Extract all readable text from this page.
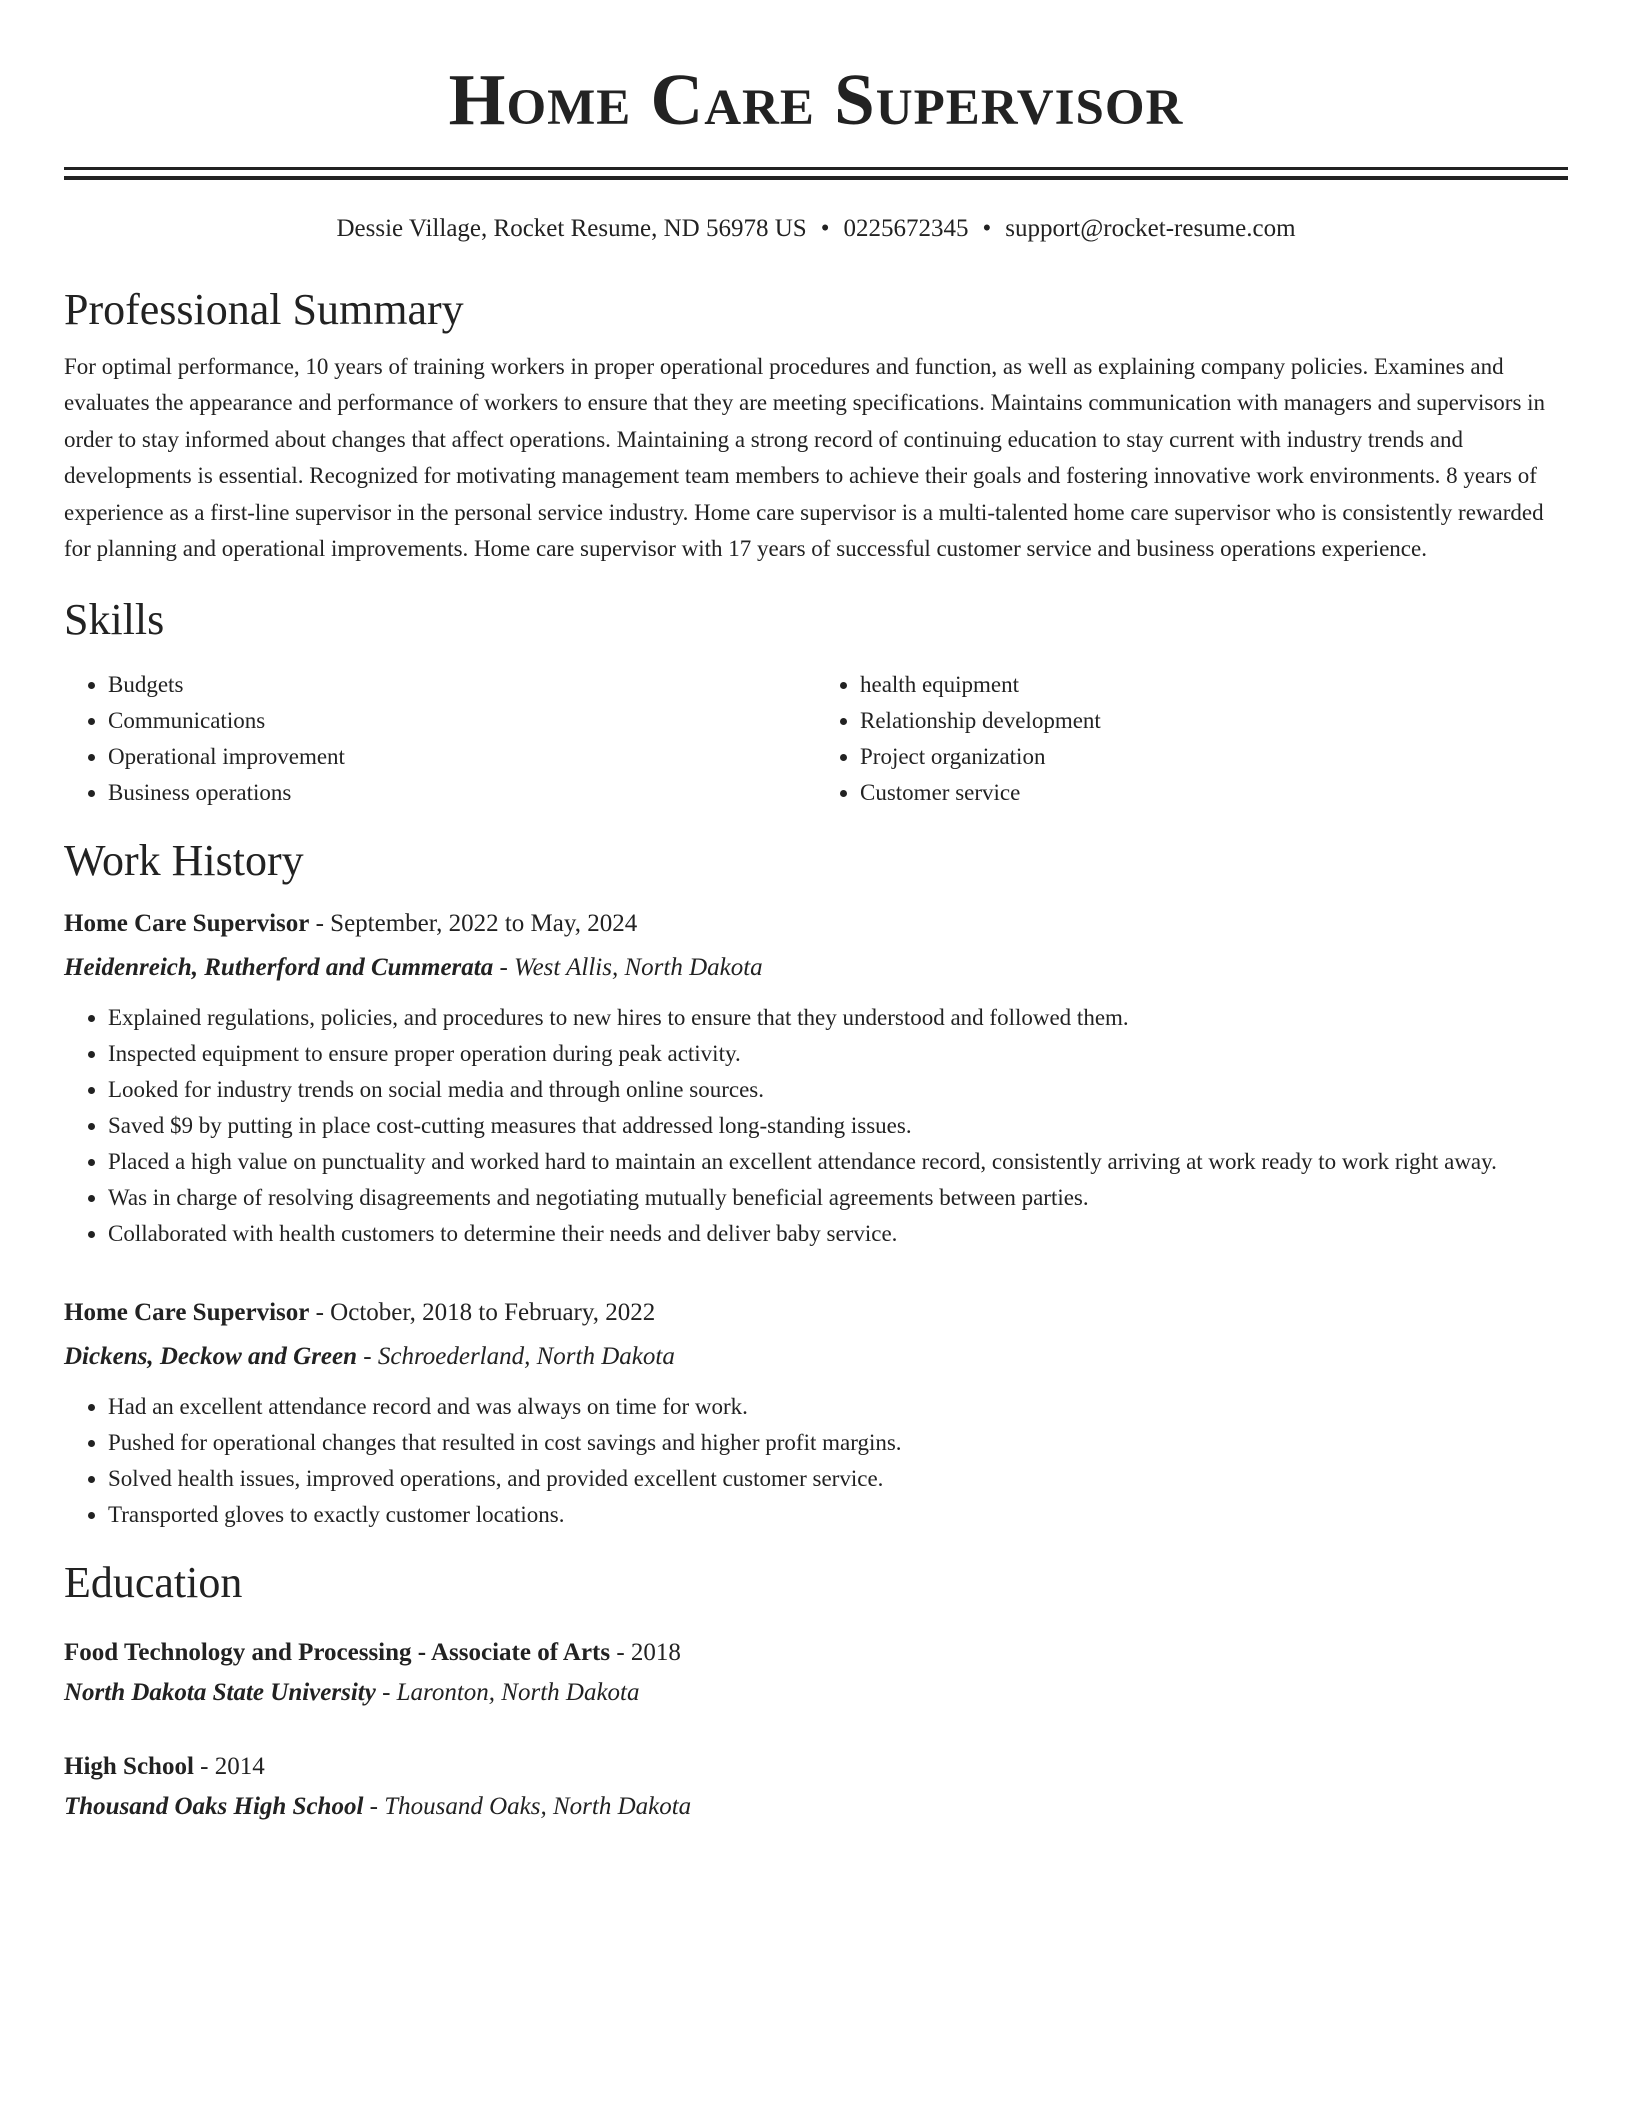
Home Care Supervisor
Dessie Village, Rocket Resume, ND 56978 US • 0225672345 • support@rocket-resume.com
Professional Summary

For optimal performance, 10 years of training workers in proper operational procedures and function, as well as explaining company policies. Examines and evaluates the appearance and performance of workers to ensure that they are meeting specifications. Maintains communication with managers and supervisors in order to stay informed about changes that affect operations. Maintaining a strong record of continuing education to stay current with industry trends and developments is essential. Recognized for motivating management team members to achieve their goals and fostering innovative work environments. 8 years of experience as a first-line supervisor in the personal service industry. Home care supervisor is a multi-talented home care supervisor who is consistently rewarded for planning and operational improvements. Home care supervisor with 17 years of successful customer service and business operations experience.

Skills
• Budgets
• Communications
• Operational improvement
• Business operations
• health equipment
• Relationship development
• Project organization
• Customer service
Work History
Home Care Supervisor - September, 2022 to May, 2024
Heidenreich, Rutherford and Cummerata - West Allis, North Dakota
• Explained regulations, policies, and procedures to new hires to ensure that they understood and followed them.
• Inspected equipment to ensure proper operation during peak activity.
• Looked for industry trends on social media and through online sources.
• Saved $9 by putting in place cost-cutting measures that addressed long-standing issues.
• Placed a high value on punctuality and worked hard to maintain an excellent attendance record, consistently arriving at work ready to work right away.
• Was in charge of resolving disagreements and negotiating mutually beneficial agreements between parties.
• Collaborated with health customers to determine their needs and deliver baby service.
Home Care Supervisor - October, 2018 to February, 2022
Dickens, Deckow and Green - Schroederland, North Dakota
• Had an excellent attendance record and was always on time for work.
• Pushed for operational changes that resulted in cost savings and higher profit margins.
• Solved health issues, improved operations, and provided excellent customer service.
• Transported gloves to exactly customer locations.
Education
Food Technology and Processing - Associate of Arts - 2018
North Dakota State University - Laronton, North Dakota
High School - 2014
Thousand Oaks High School - Thousand Oaks, North Dakota
